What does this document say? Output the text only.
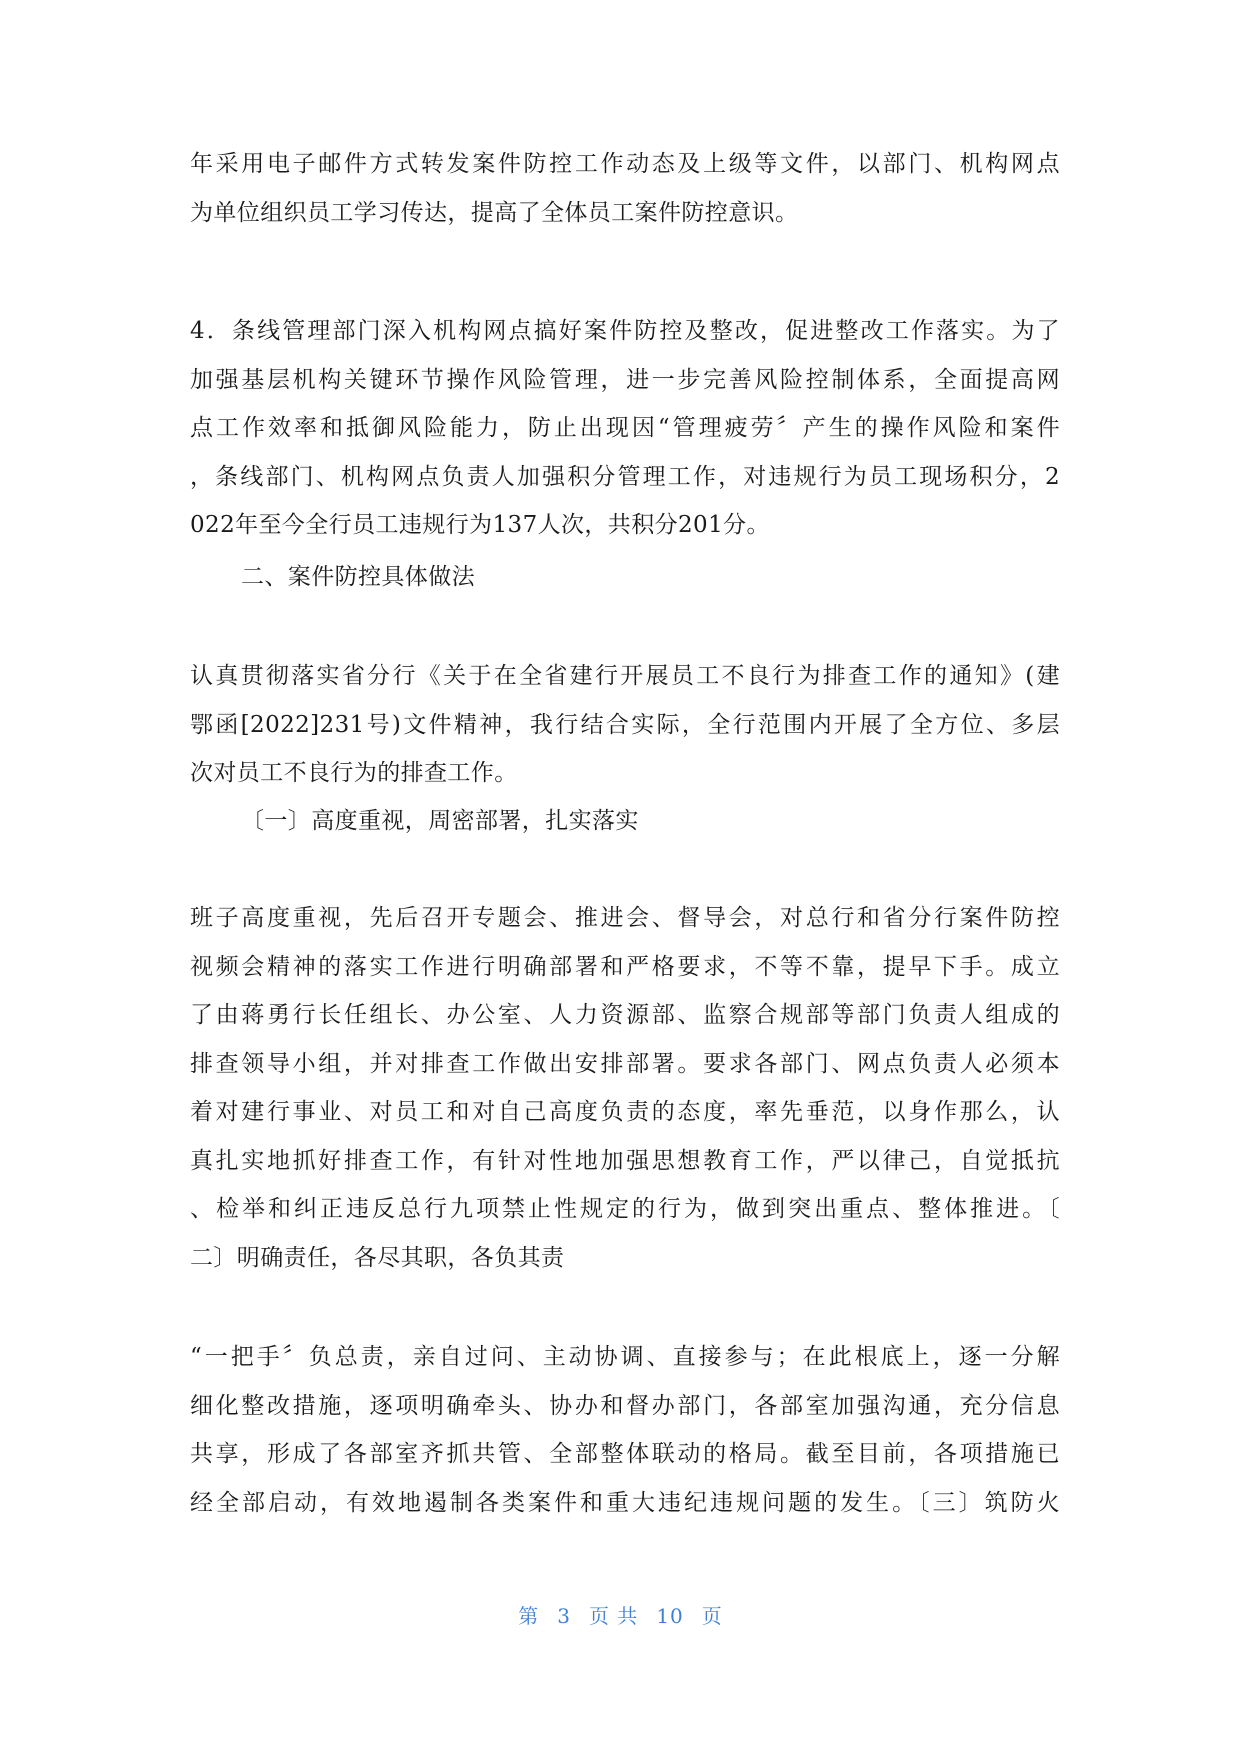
年采用电子邮件方式转发案件防控工作动态及上级等文件，以部门、机构网点
为单位组织员工学习传达，提高了全体员工案件防控意识。
4．条线管理部门深入机构网点搞好案件防控及整改，促进整改工作落实。为了
加强基层机构关键环节操作风险管理，进一步完善风险控制体系，全面提高网
点工作效率和抵御风险能力，防止出现因“管理疲劳〞产生的操作风险和案件
，条线部门、机构网点负责人加强积分管理工作，对违规行为员工现场积分，2
022年至今全行员工违规行为137人次，共积分201分。
二、案件防控具体做法
认真贯彻落实省分行《关于在全省建行开展员工不良行为排查工作的通知》(建
鄂函[2022]231号)文件精神，我行结合实际，全行范围内开展了全方位、多层
次对员工不良行为的排查工作。
〔一〕高度重视，周密部署，扎实落实
班子高度重视，先后召开专题会、推进会、督导会，对总行和省分行案件防控
视频会精神的落实工作进行明确部署和严格要求，不等不靠，提早下手。成立
了由蒋勇行长任组长、办公室、人力资源部、监察合规部等部门负责人组成的
排查领导小组，并对排查工作做出安排部署。要求各部门、网点负责人必须本
着对建行事业、对员工和对自己高度负责的态度，率先垂范，以身作那么，认
真扎实地抓好排查工作，有针对性地加强思想教育工作，严以律己，自觉抵抗
、检举和纠正违反总行九项禁止性规定的行为，做到突出重点、整体推进。〔
二〕明确责任，各尽其职，各负其责
“一把手〞负总责，亲自过问、主动协调、直接参与；在此根底上，逐一分解
细化整改措施，逐项明确牵头、协办和督办部门，各部室加强沟通，充分信息
共享，形成了各部室齐抓共管、全部整体联动的格局。截至目前，各项措施已
经全部启动，有效地遏制各类案件和重大违纪违规问题的发生。〔三〕筑防火
第 3 页 共 10 页
